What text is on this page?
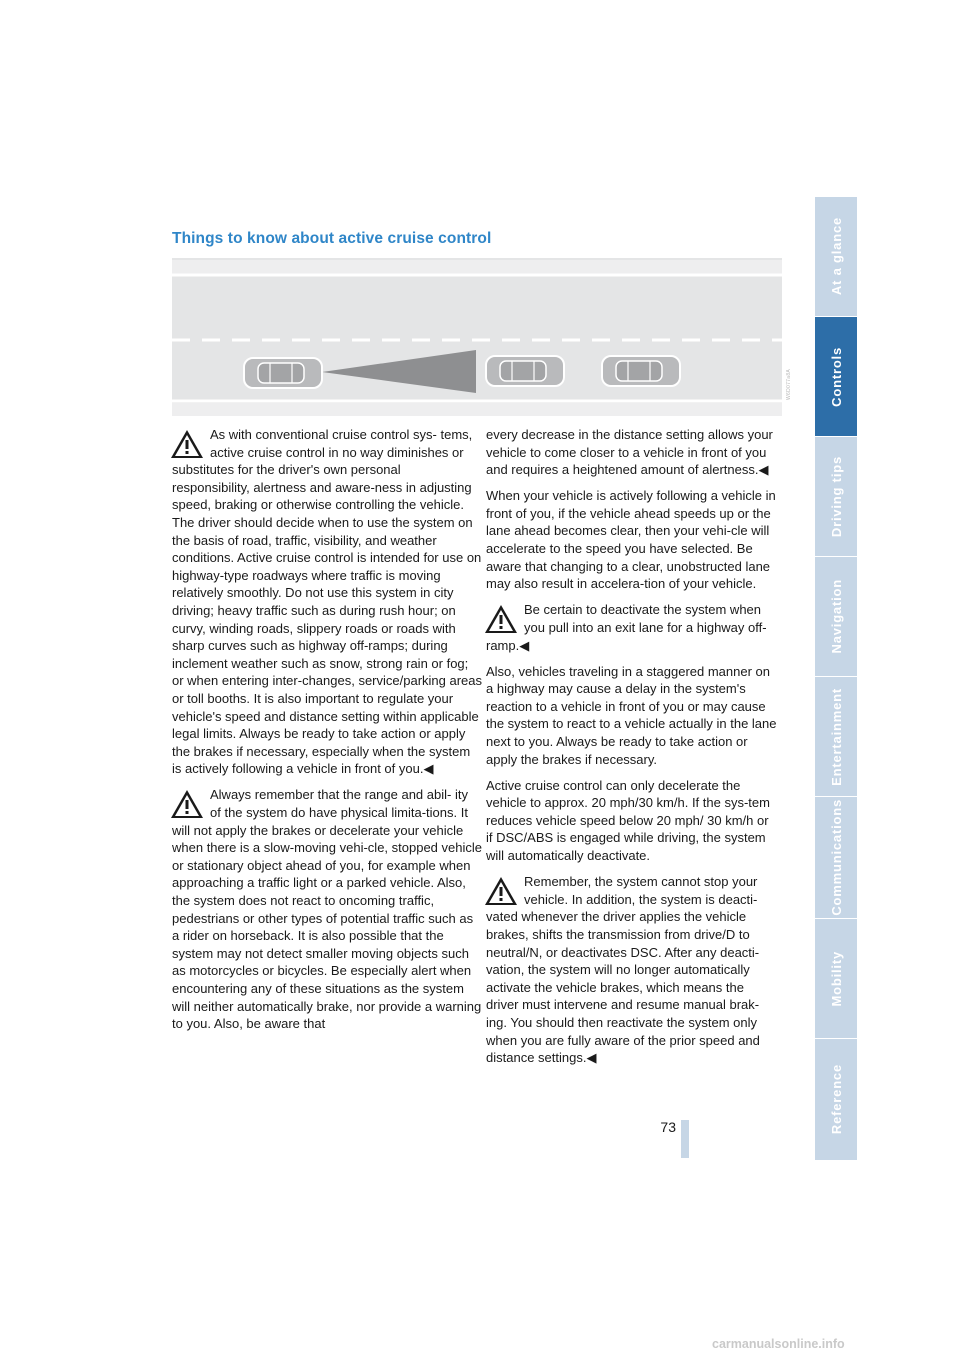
Things to know about active cruise control
W6D077a8A

As with conventional cruise control sys- tems, active cruise control in no way diminishes or substitutes for the driver's own personal responsibility, alertness and aware-ness in adjusting speed, braking or otherwise controlling the vehicle. The driver should decide when to use the system on the basis of road, traffic, visibility, and weather conditions. Active cruise control is intended for use on highway-type roadways where traffic is moving relatively smoothly. Do not use this system in city driving; heavy traffic such as during rush hour; on curvy, winding roads, slippery roads or roads with sharp curves such as highway off-ramps; during inclement weather such as snow, strong rain or fog; or when entering inter-changes, service/parking areas or toll booths. It is also important to regulate your vehicle's speed and distance setting within applicable legal limits. Always be ready to take action or apply the brakes if necessary, especially when the system is actively following a vehicle in front of you.◀

Always remember that the range and abil- ity of the system do have physical limita-tions. It will not apply the brakes or decelerate your vehicle when there is a slow-moving vehi-cle, stopped vehicle or stationary object ahead of you, for example when approaching a traffic light or a parked vehicle. Also, the system does not react to oncoming traffic, pedestrians or other types of potential traffic such as a rider on horseback. It is also possible that the system may not detect smaller moving objects such as motorcycles or bicycles. Be especially alert when encountering any of these situations as the system will neither automatically brake, nor provide a warning to you. Also, be aware that

every decrease in the distance setting allows your vehicle to come closer to a vehicle in front of you and requires a heightened amount of alertness.◀

When your vehicle is actively following a vehicle in front of you, if the vehicle ahead speeds up or the lane ahead becomes clear, then your vehi-cle will accelerate to the speed you have selected. Be aware that changing to a clear, unobstructed lane may also result in accelera-tion of your vehicle.

Be certain to deactivate the system when you pull into an exit lane for a highway off-ramp.◀

Also, vehicles traveling in a staggered manner on a highway may cause a delay in the system's reaction to a vehicle in front of you or may cause the system to react to a vehicle actually in the lane next to you. Always be ready to take action or apply the brakes if necessary.

Active cruise control can only decelerate the vehicle to approx. 20 mph/30 km/h. If the sys-tem reduces vehicle speed below 20 mph/ 30 km/h or if DSC/ABS is engaged while driving, the system will automatically deactivate.

Remember, the system cannot stop your vehicle. In addition, the system is deacti-vated whenever the driver applies the vehicle brakes, shifts the transmission from drive/D to neutral/N, or deactivates DSC. After any deacti-vation, the system will no longer automatically activate the vehicle brakes, which means the driver must intervene and resume manual brak-ing. You should then reactivate the system only when you are fully aware of the prior speed and distance settings.◀

At a glance
Controls
Driving tips
Navigation
Entertainment
Communications
Mobility
Reference
73
carmanualsonline.info
